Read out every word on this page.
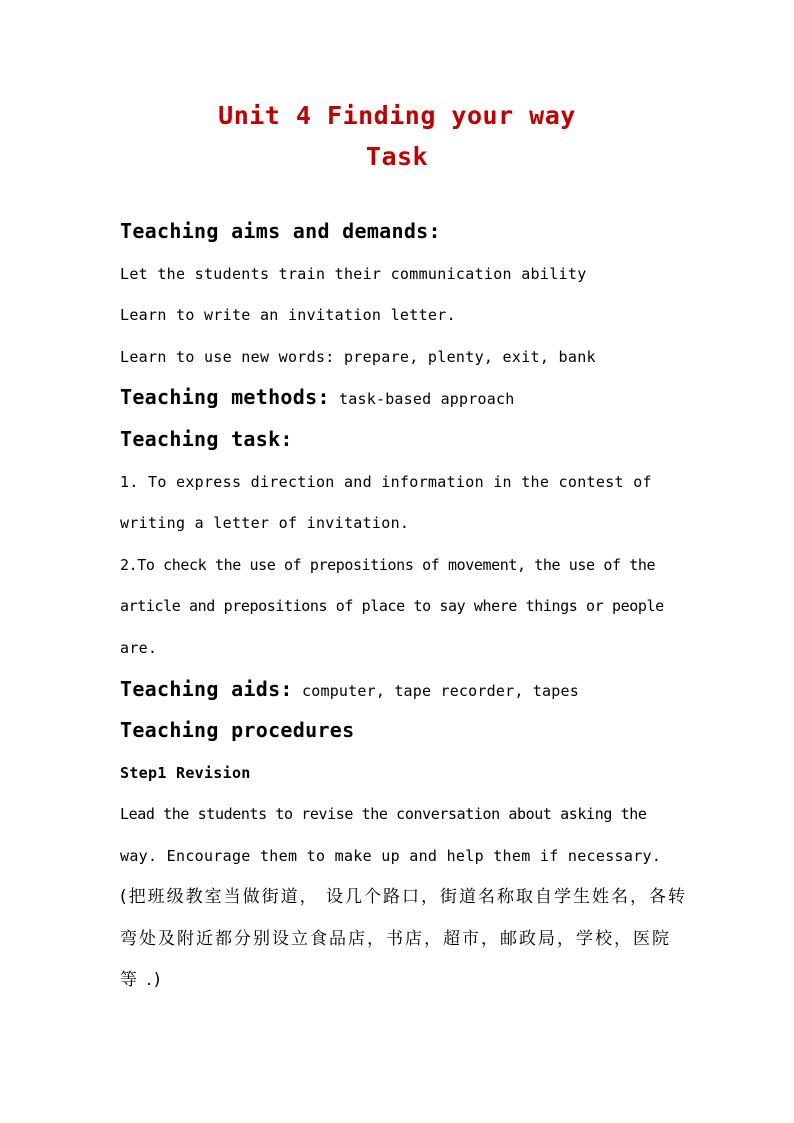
Unit 4 Finding your way
Task
Teaching aims and demands:
Let the students train their communication ability
Learn to write an invitation letter.
Learn to use new words: prepare, plenty, exit, bank
Teaching methods: task-based approach
Teaching task:
1. To express direction and information in the contest of
writing a letter of invitation.
2.To check the use of prepositions of movement, the use of the
article and prepositions of place to say where things or people
are.
Teaching aids: computer, tape recorder, tapes
Teaching procedures
Step1 Revision
Lead the students to revise the conversation about asking the
way. Encourage them to make up and help them if necessary.
(把班级教室当做街道， 设几个路口，街道名称取自学生姓名，各转
弯处及附近都分别设立食品店，书店，超市，邮政局，学校，医院
等 .)
